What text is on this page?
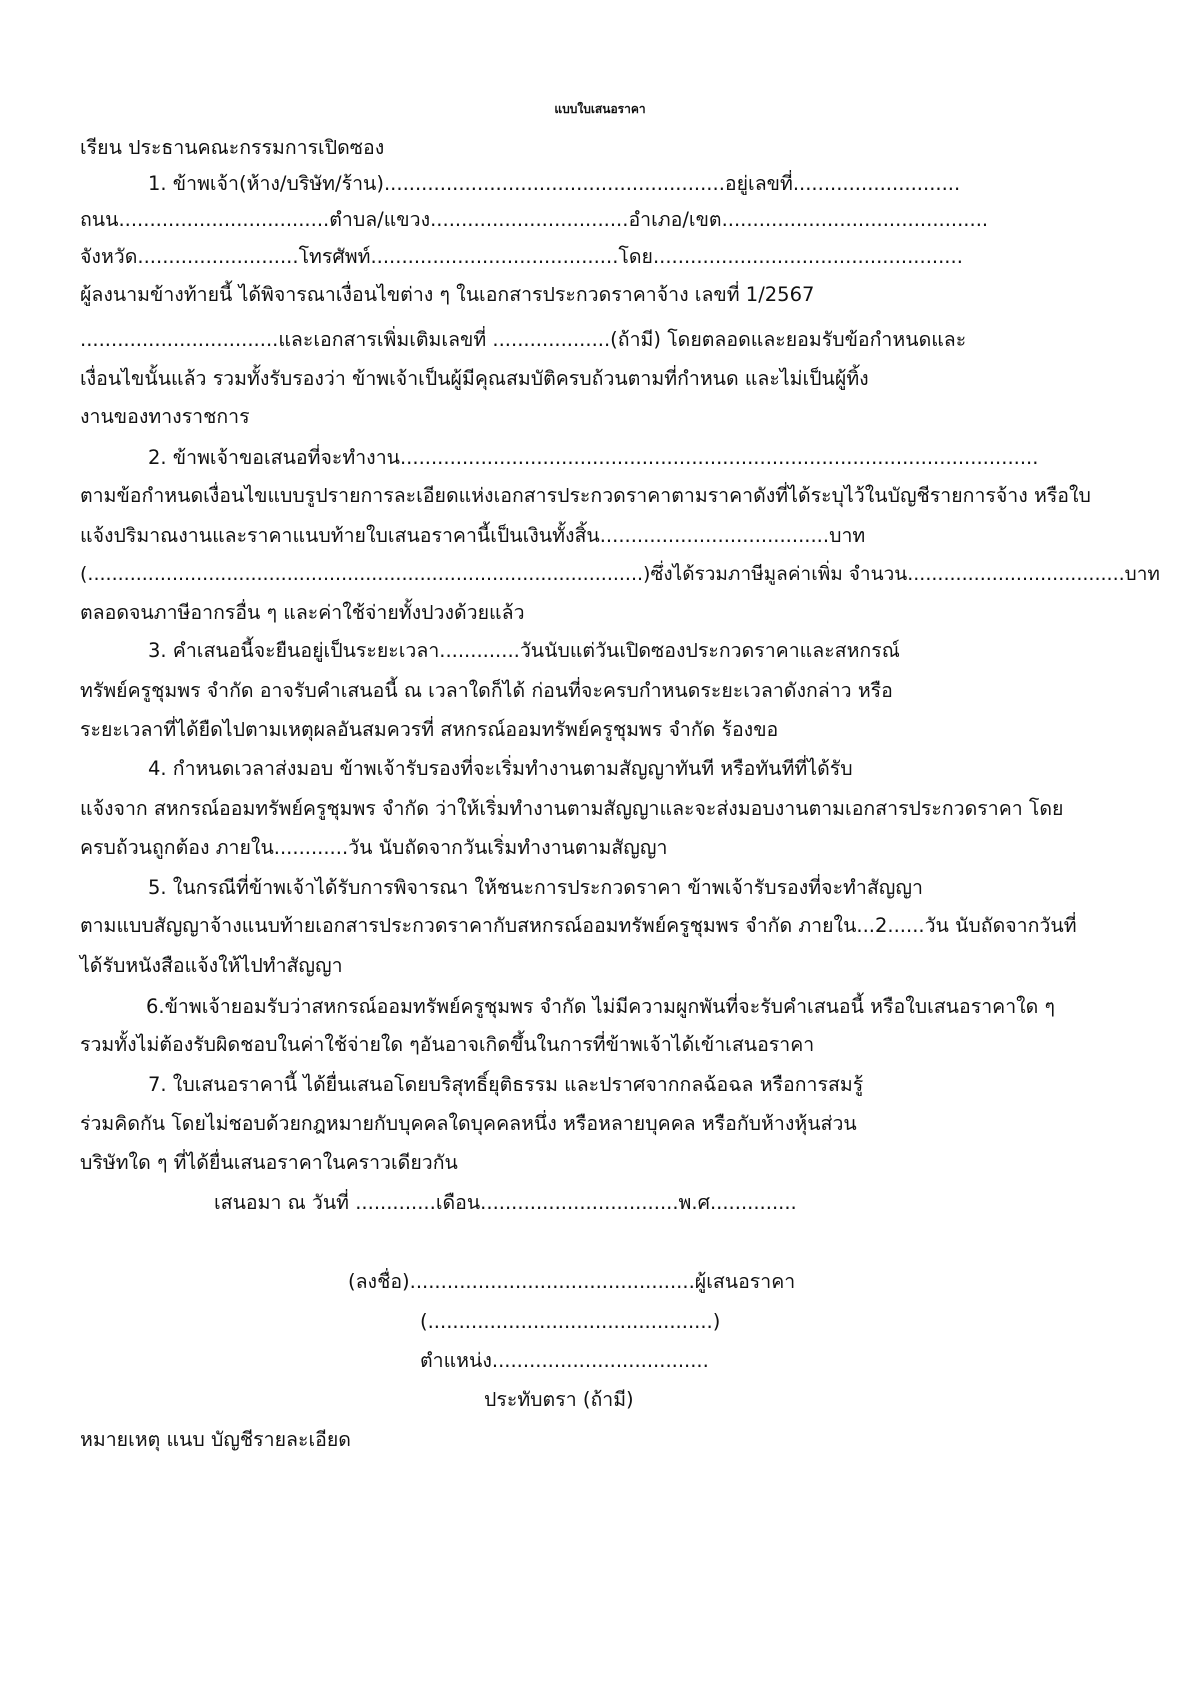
แบบใบเสนอราคา
เรียน ประธานคณะกรรมการเปิดซอง
1. ข้าพเจ้า(ห้าง/บริษัท/ร้าน).......................................................อยู่เลขที่...........................
ถนน..................................ตำบล/แขวง................................อำเภอ/เขต...........................................
จังหวัด..........................โทรศัพท์........................................โดย..................................................
ผู้ลงนามข้างท้ายนี้ ได้พิจารณาเงื่อนไขต่าง ๆ ในเอกสารประกวดราคาจ้าง เลขที่ 1/2567
................................และเอกสารเพิ่มเติมเลขที่ ...................(ถ้ามี) โดยตลอดและยอมรับข้อกำหนดและ
เงื่อนไขนั้นแล้ว รวมทั้งรับรองว่า ข้าพเจ้าเป็นผู้มีคุณสมบัติครบถ้วนตามที่กำหนด และไม่เป็นผู้ทิ้ง
งานของทางราชการ
2. ข้าพเจ้าขอเสนอที่จะทำงาน.......................................................................................................
ตามข้อกำหนดเงื่อนไขแบบรูปรายการละเอียดแห่งเอกสารประกวดราคาตามราคาดังที่ได้ระบุไว้ในบัญชีรายการจ้าง หรือใบ
แจ้งปริมาณงานและราคาแนบท้ายใบเสนอราคานี้เป็นเงินทั้งสิ้น.....................................บาท
(............................................................................................)ซึ่งได้รวมภาษีมูลค่าเพิ่ม จำนวน....................................บาท
ตลอดจนภาษีอากรอื่น ๆ และค่าใช้จ่ายทั้งปวงด้วยแล้ว
3. คำเสนอนี้จะยืนอยู่เป็นระยะเวลา.............วันนับแต่วันเปิดซองประกวดราคาและสหกรณ์
ทรัพย์ครูชุมพร จำกัด อาจรับคำเสนอนี้ ณ เวลาใดก็ได้ ก่อนที่จะครบกำหนดระยะเวลาดังกล่าว หรือ
ระยะเวลาที่ได้ยืดไปตามเหตุผลอันสมควรที่ สหกรณ์ออมทรัพย์ครูชุมพร จำกัด ร้องขอ
4. กำหนดเวลาส่งมอบ ข้าพเจ้ารับรองที่จะเริ่มทำงานตามสัญญาทันที หรือทันทีที่ได้รับ
แจ้งจาก สหกรณ์ออมทรัพย์ครูชุมพร จำกัด ว่าให้เริ่มทำงานตามสัญญาและจะส่งมอบงานตามเอกสารประกวดราคา โดย
ครบถ้วนถูกต้อง ภายใน............วัน นับถัดจากวันเริ่มทำงานตามสัญญา
5. ในกรณีที่ข้าพเจ้าได้รับการพิจารณา ให้ชนะการประกวดราคา ข้าพเจ้ารับรองที่จะทำสัญญา
ตามแบบสัญญาจ้างแนบท้ายเอกสารประกวดราคากับสหกรณ์ออมทรัพย์ครูชุมพร จำกัด ภายใน...2......วัน นับถัดจากวันที่
ได้รับหนังสือแจ้งให้ไปทำสัญญา
6.ข้าพเจ้ายอมรับว่าสหกรณ์ออมทรัพย์ครูชุมพร จำกัด ไม่มีความผูกพันที่จะรับคำเสนอนี้ หรือใบเสนอราคาใด ๆ
รวมทั้งไม่ต้องรับผิดชอบในค่าใช้จ่ายใด ๆอันอาจเกิดขึ้นในการที่ข้าพเจ้าได้เข้าเสนอราคา
7. ใบเสนอราคานี้ ได้ยื่นเสนอโดยบริสุทธิ์ยุติธรรม และปราศจากกลฉ้อฉล หรือการสมรู้
ร่วมคิดกัน โดยไม่ชอบด้วยกฎหมายกับบุคคลใดบุคคลหนึ่ง หรือหลายบุคคล หรือกับห้างหุ้นส่วน
บริษัทใด ๆ ที่ได้ยื่นเสนอราคาในคราวเดียวกัน
เสนอมา ณ วันที่ .............เดือน................................พ.ศ..............
(ลงชื่อ)..............................................ผู้เสนอราคา
(..............................................)
ตำแหน่ง...................................
ประทับตรา (ถ้ามี)
หมายเหตุ แนบ บัญชีรายละเอียด
